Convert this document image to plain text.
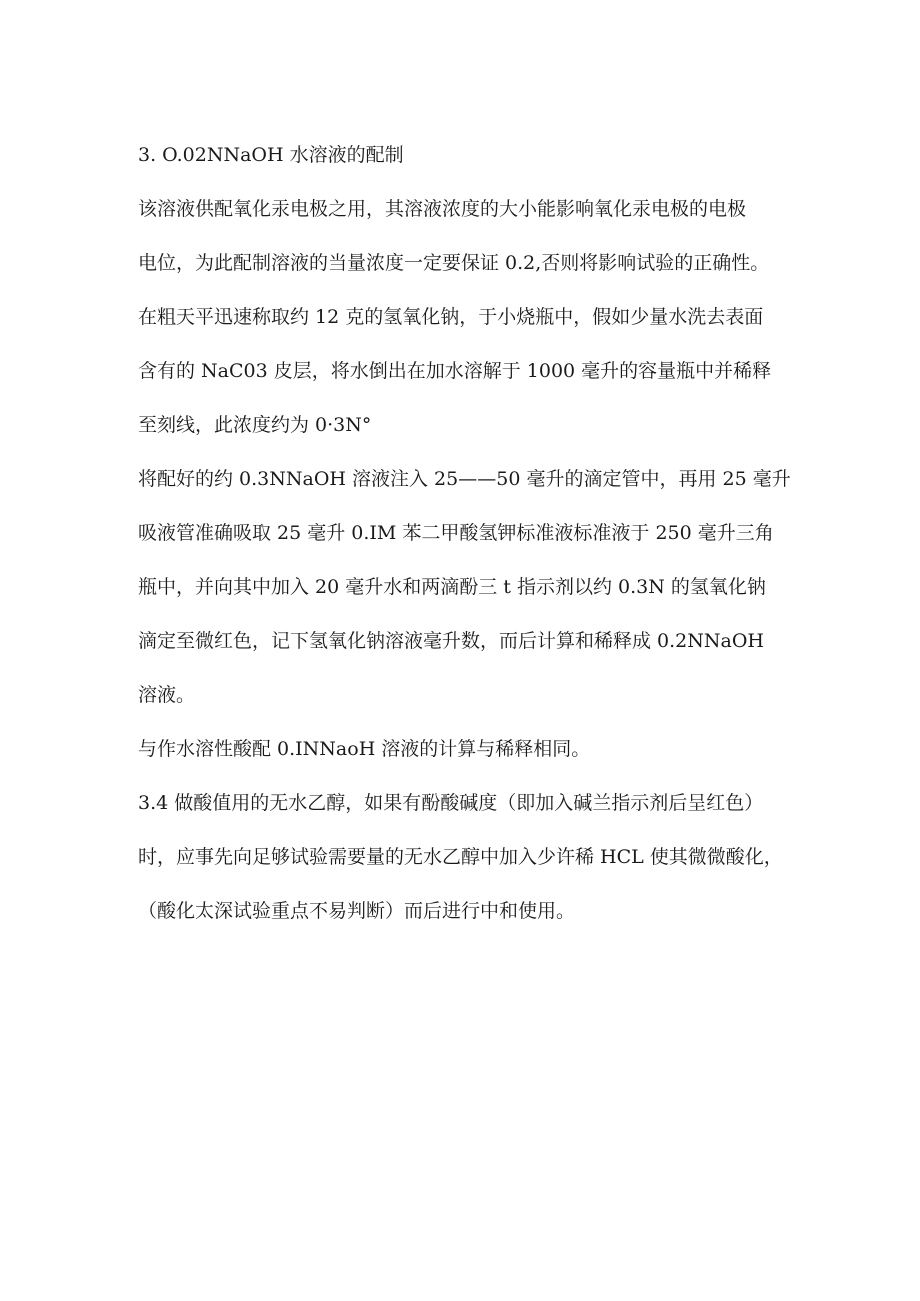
3. O.02NNaOH 水溶液的配制
该溶液供配氧化汞电极之用，其溶液浓度的大小能影响氧化汞电极的电极
电位，为此配制溶液的当量浓度一定要保证 0.2,否则将影响试验的正确性。
在粗天平迅速称取约 12 克的氢氧化钠，于小烧瓶中，假如少量水洗去表面
含有的 NaC03 皮层，将水倒出在加水溶解于 1000 毫升的容量瓶中并稀释
至刻线，此浓度约为 0·3N°
将配好的约 0.3NNaOH 溶液注入 25——50 毫升的滴定管中，再用 25 毫升
吸液管准确吸取 25 毫升 0.IM 苯二甲酸氢钾标准液标准液于 250 毫升三角
瓶中，并向其中加入 20 毫升水和两滴酚三 t 指示剂以约 0.3N 的氢氧化钠
滴定至微红色，记下氢氧化钠溶液毫升数，而后计算和稀释成 0.2NNaOH
溶液。
与作水溶性酸配 0.INNaoH 溶液的计算与稀释相同。
3.4 做酸值用的无水乙醇，如果有酚酸碱度（即加入碱兰指示剂后呈红色）
时，应事先向足够试验需要量的无水乙醇中加入少许稀 HCL 使其微微酸化，
（酸化太深试验重点不易判断）而后进行中和使用。
